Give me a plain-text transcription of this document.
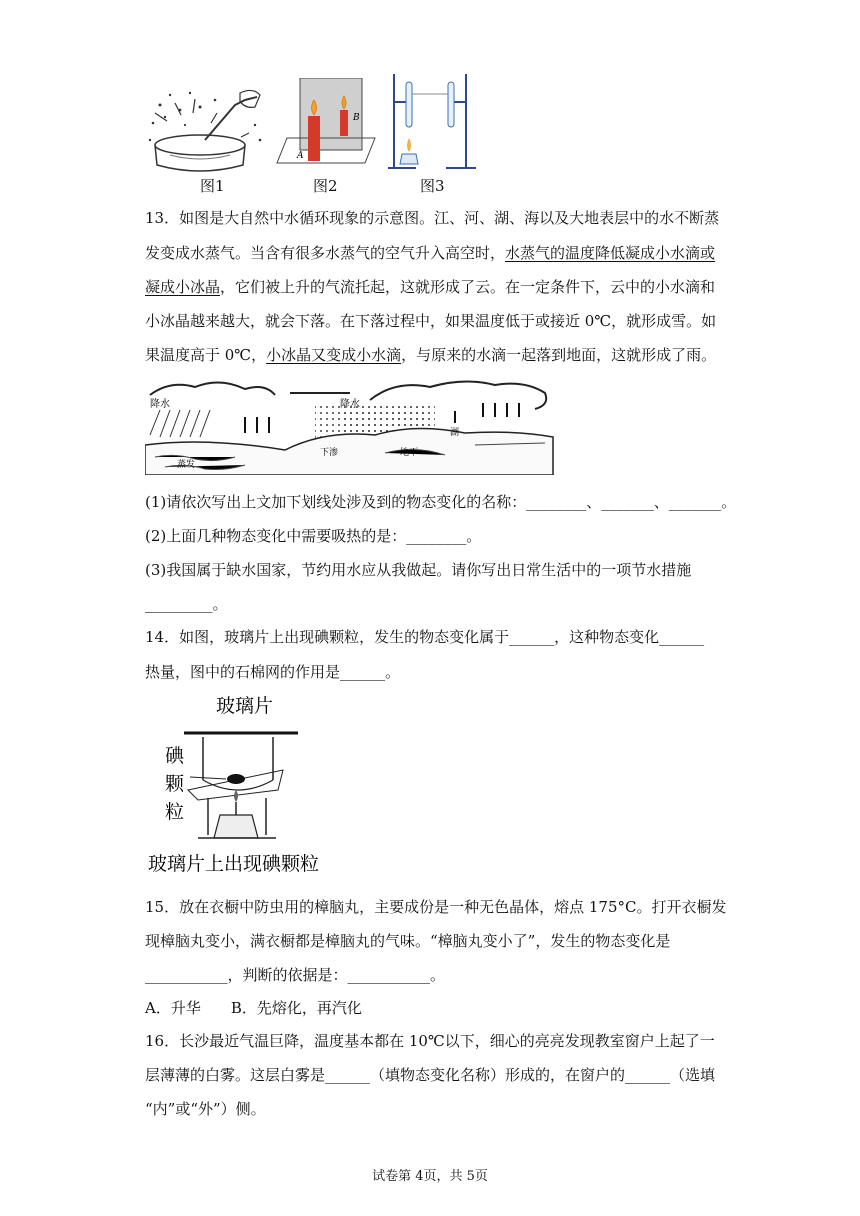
A
B
图1	图2	图3
13．如图是大自然中水循环现象的示意图。江、河、湖、海以及大地表层中的水不断蒸
发变成水蒸气。当含有很多水蒸气的空气升入高空时，水蒸气的温度降低凝成小水滴或
凝成小冰晶，它们被上升的气流托起，这就形成了云。在一定条件下，云中的小水滴和
小冰晶越来越大，就会下落。在下落过程中，如果温度低于或接近 0℃，就形成雪。如
果温度高于 0℃，小冰晶又变成小水滴，与原来的水滴一起落到地面，这就形成了雨。
降水	降水
湖
下渗	地下
蒸发
(1)请依次写出上文加下划线处涉及到的物态变化的名称：________、_______、_______。
(2)上面几种物态变化中需要吸热的是：________。
(3)我国属于缺水国家，节约用水应从我做起。请你写出日常生活中的一项节水措施
_________。
14．如图，玻璃片上出现碘颗粒，发生的物态变化属于______，这种物态变化______
热量，图中的石棉网的作用是______。
玻璃片
碘
颗
粒
玻璃片上出现碘颗粒
15．放在衣橱中防虫用的樟脑丸，主要成份是一种无色晶体，熔点 175°C。打开衣橱发
现樟脑丸变小，满衣橱都是樟脑丸的气味。“樟脑丸变小了”，发生的物态变化是
___________，判断的依据是：___________。
A．升华　　B．先熔化，再汽化
16．长沙最近气温巨降，温度基本都在 10℃以下，细心的亮亮发现教室窗户上起了一
层薄薄的白雾。这层白雾是______（填物态变化名称）形成的，在窗户的______（选填
“内”或“外”）侧。
试卷第 4页，共 5页
